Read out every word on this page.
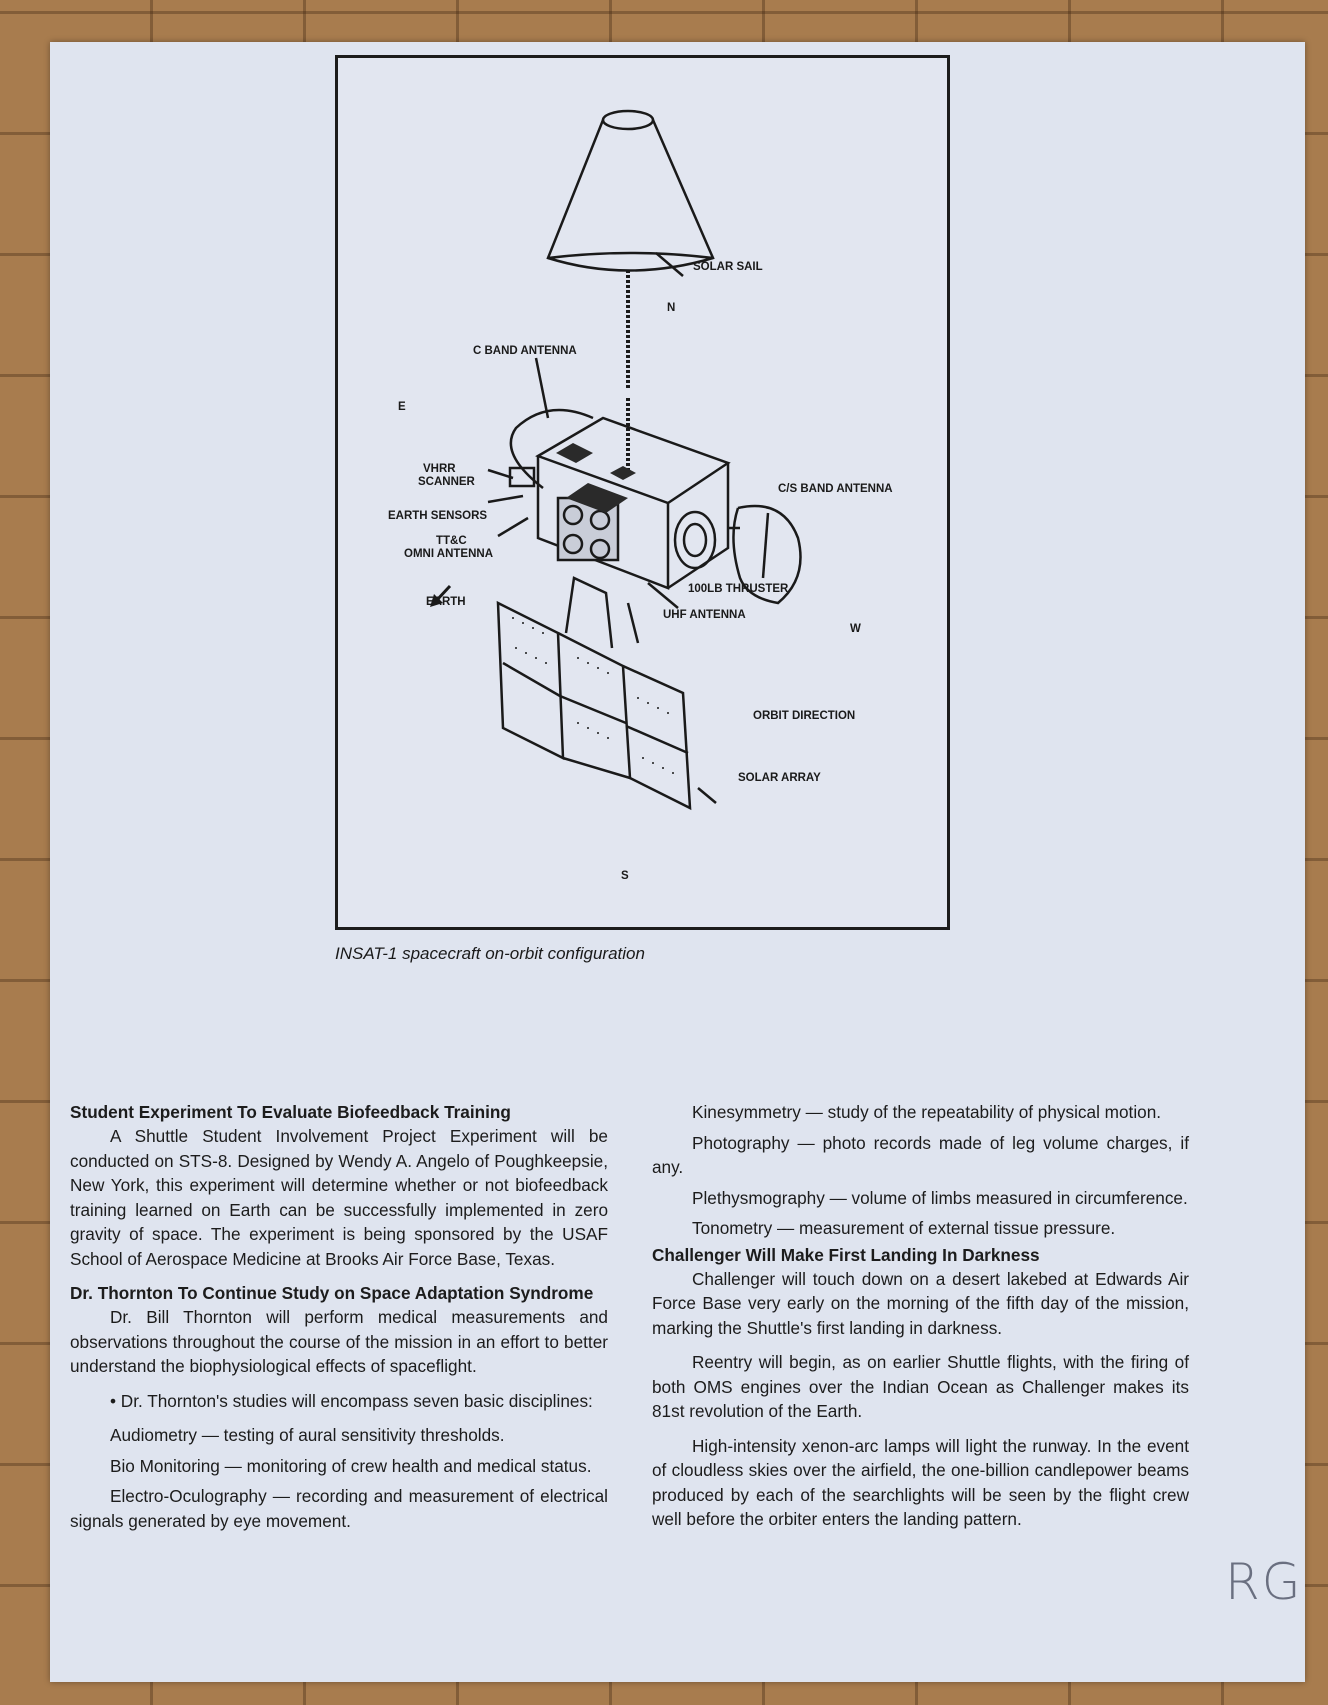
SOLAR SAIL
N
C BAND ANTENNA
E
VHRR
SCANNER
EARTH SENSORS
TT&C
OMNI ANTENNA
EARTH
C/S BAND ANTENNA
100LB THRUSTER
UHF ANTENNA
W
ORBIT DIRECTION
SOLAR ARRAY
S
INSAT-1 spacecraft on-orbit configuration
Student Experiment To Evaluate Biofeedback Training

A Shuttle Student Involvement Project Experiment will be conducted on STS-8. Designed by Wendy A. Angelo of Poughkeepsie, New York, this experiment will determine whether or not biofeedback training learned on Earth can be successfully implemented in zero gravity of space. The experiment is being sponsored by the USAF School of Aerospace Medicine at Brooks Air Force Base, Texas.

Dr. Thornton To Continue Study on Space Adaptation Syndrome

Dr. Bill Thornton will perform medical measurements and observations throughout the course of the mission in an effort to better understand the biophysiological effects of spaceflight.

• Dr. Thornton's studies will encompass seven basic disciplines:

Audiometry — testing of aural sensitivity thresholds.

Bio Monitoring — monitoring of crew health and medical status.

Electro-Oculography — recording and measurement of electrical signals generated by eye movement.

Kinesymmetry — study of the repeatability of physical motion.

Photography — photo records made of leg volume charges, if any.

Plethysmography — volume of limbs measured in circumference.

Tonometry — measurement of external tissue pressure.

Challenger Will Make First Landing In Darkness

Challenger will touch down on a desert lakebed at Edwards Air Force Base very early on the morning of the fifth day of the mission, marking the Shuttle's first landing in darkness.

Reentry will begin, as on earlier Shuttle flights, with the firing of both OMS engines over the Indian Ocean as Challenger makes its 81st revolution of the Earth.

High-intensity xenon-arc lamps will light the runway. In the event of cloudless skies over the airfield, the one-billion candlepower beams produced by each of the searchlights will be seen by the flight crew well before the orbiter enters the landing pattern.

RG
